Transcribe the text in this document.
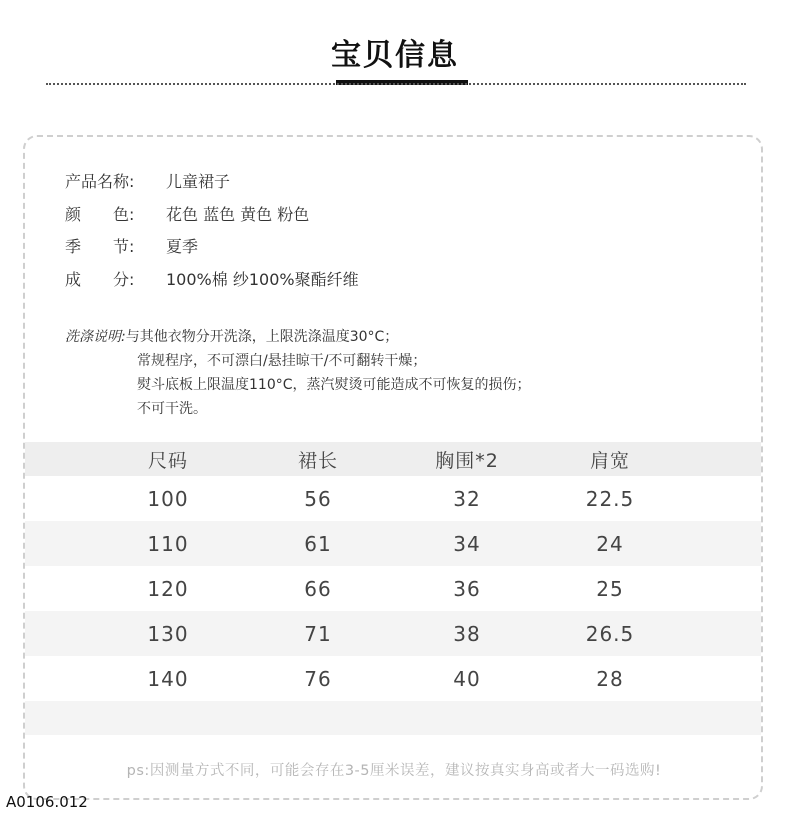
宝贝信息
产品名称:	儿童裙子
颜　　色:	花色 蓝色 黄色 粉色
季　　节:	夏季
成　　分:	100%棉 纱100%聚酯纤维
洗涤说明:与其他衣物分开洗涤，上限洗涤温度30°C；
常规程序，不可漂白/悬挂晾干/不可翻转干燥；
熨斗底板上限温度110°C，蒸汽熨烫可能造成不可恢复的损伤；
不可干洗。
尺码	裙长	胸围*2	肩宽
100	56	32	22.5
110	61	34	24
120	66	36	25
130	71	38	26.5
140	76	40	28
ps:因测量方式不同，可能会存在3-5厘米误差，建议按真实身高或者大一码选购!
A0106.012
